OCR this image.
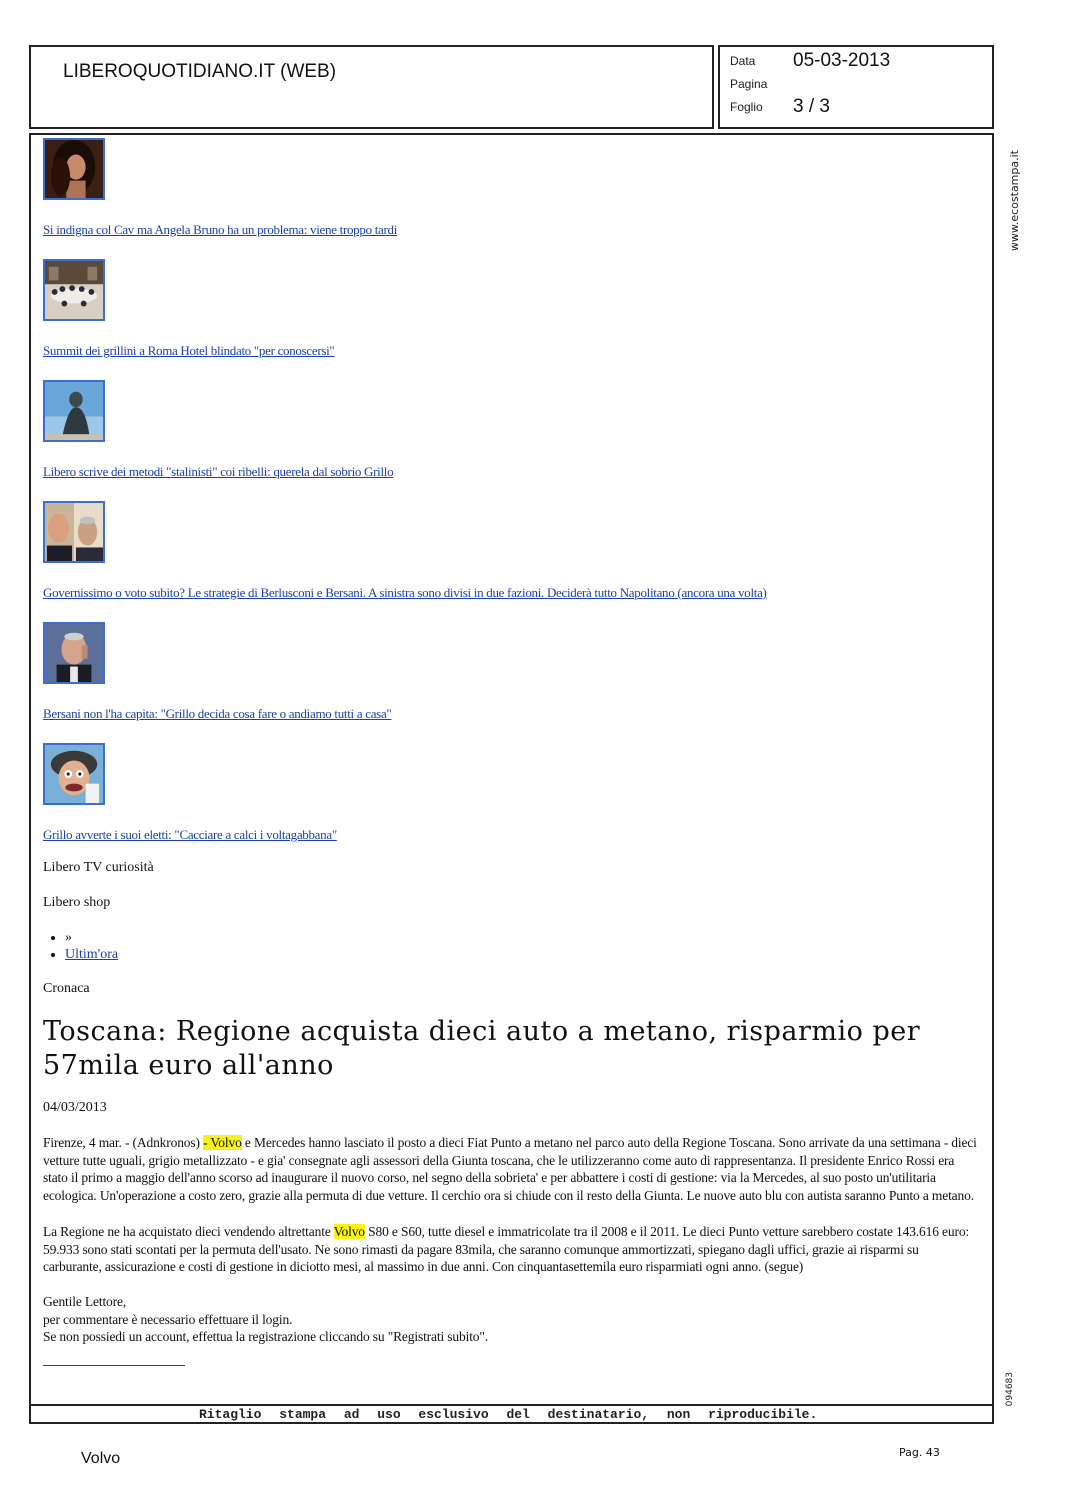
LIBEROQUOTIDIANO.IT (WEB)	Data 05-03-2013
Pagina
Foglio 3 / 3
www.ecostampa.it
094683
Si indigna col Cav ma Angela Bruno ha un problema: viene troppo tardi
Summit dei grillini a Roma Hotel blindato "per conoscersi"
Libero scrive dei metodi "stalinisti" coi ribelli: querela dal sobrio Grillo
Governissimo o voto subito? Le strategie di Berlusconi e Bersani. A sinistra sono divisi in due fazioni. Deciderà tutto Napolitano (ancora una volta)
Bersani non l'ha capita: "Grillo decida cosa fare o andiamo tutti a casa"
Grillo avverte i suoi eletti: "Cacciare a calci i voltagabbana"

Libero TV curiosità

Libero shop

• »
• Ultim'ora

Cronaca

Toscana: Regione acquista dieci auto a metano, risparmio per 57mila euro all'anno

04/03/2013

Firenze, 4 mar. - (Adnkronos) - Volvo e Mercedes hanno lasciato il posto a dieci Fiat Punto a metano nel parco auto della Regione Toscana. Sono arrivate da una settimana - dieci vetture tutte uguali, grigio metallizzato - e gia' consegnate agli assessori della Giunta toscana, che le utilizzeranno come auto di rappresentanza. Il presidente Enrico Rossi era stato il primo a maggio dell'anno scorso ad inaugurare il nuovo corso, nel segno della sobrieta' e per abbattere i costi di gestione: via la Mercedes, al suo posto un'utilitaria ecologica. Un'operazione a costo zero, grazie alla permuta di due vetture. Il cerchio ora si chiude con il resto della Giunta. Le nuove auto blu con autista saranno Punto a metano.

La Regione ne ha acquistato dieci vendendo altrettante Volvo S80 e S60, tutte diesel e immatricolate tra il 2008 e il 2011. Le dieci Punto vetture sarebbero costate 143.616 euro: 59.933 sono stati scontati per la permuta dell'usato. Ne sono rimasti da pagare 83mila, che saranno comunque ammortizzati, spiegano dagli uffici, grazie ai risparmi su carburante, assicurazione e costi di gestione in diciotto mesi, al massimo in due anni. Con cinquantasettemila euro risparmiati ogni anno. (segue)

Gentile Lettore,
per commentare è necessario effettuare il login.
Se non possiedi un account, effettua la registrazione cliccando su "Registrati subito".
Ritaglio stampa ad uso esclusivo del destinatario, non riproducibile.
Volvo	Pag. 43
